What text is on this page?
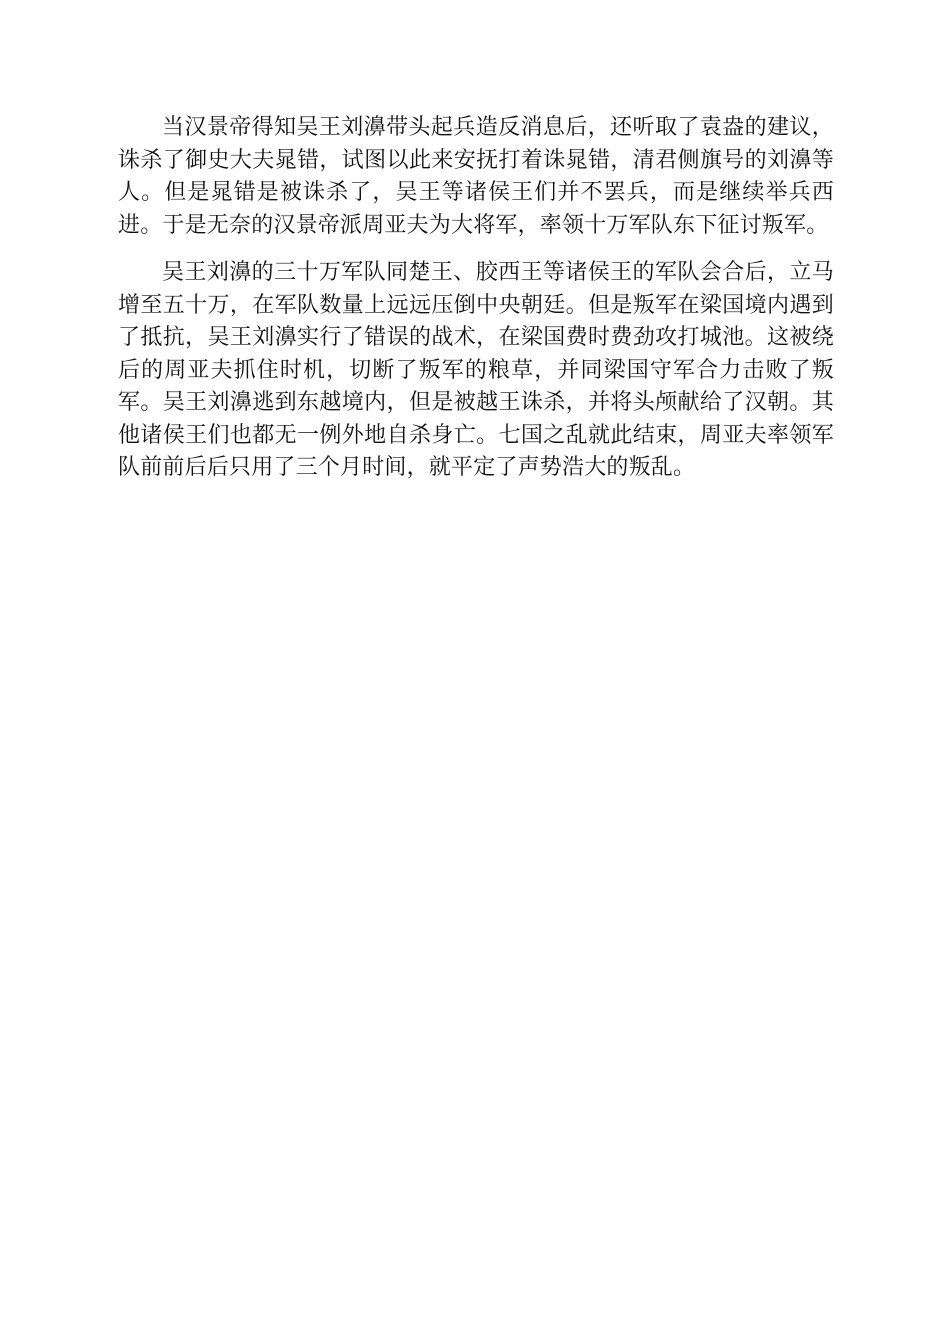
当汉景帝得知吴王刘濞带头起兵造反消息后，还听取了袁盎的建议，诛杀了御史大夫晁错，试图以此来安抚打着诛晁错，清君侧旗号的刘濞等人。但是晁错是被诛杀了，吴王等诸侯王们并不罢兵，而是继续举兵西进。于是无奈的汉景帝派周亚夫为大将军，率领十万军队东下征讨叛军。

吴王刘濞的三十万军队同楚王、胶西王等诸侯王的军队会合后，立马增至五十万，在军队数量上远远压倒中央朝廷。但是叛军在梁国境内遇到了抵抗，吴王刘濞实行了错误的战术，在梁国费时费劲攻打城池。这被绕后的周亚夫抓住时机，切断了叛军的粮草，并同梁国守军合力击败了叛军。吴王刘濞逃到东越境内，但是被越王诛杀，并将头颅献给了汉朝。其他诸侯王们也都无一例外地自杀身亡。七国之乱就此结束，周亚夫率领军队前前后后只用了三个月时间，就平定了声势浩大的叛乱。
